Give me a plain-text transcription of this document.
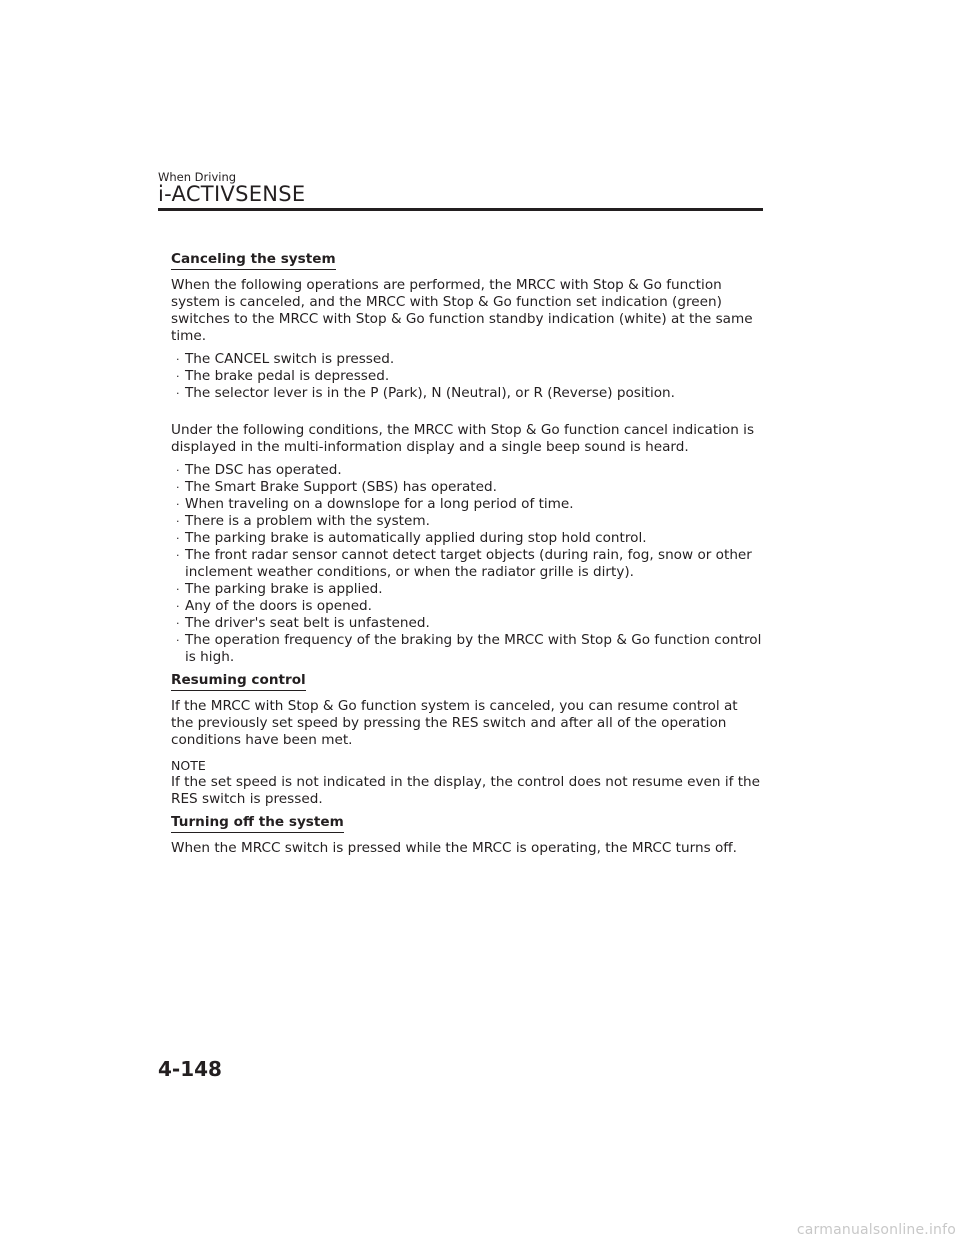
When Driving
i-ACTIVSENSE
Canceling the system

When the following operations are performed, the MRCC with Stop & Go function system is canceled, and the MRCC with Stop & Go function set indication (green) switches to the MRCC with Stop & Go function standby indication (white) at the same time.

· The CANCEL switch is pressed.
· The brake pedal is depressed.
· The selector lever is in the P (Park), N (Neutral), or R (Reverse) position.

Under the following conditions, the MRCC with Stop & Go function cancel indication is displayed in the multi-information display and a single beep sound is heard.

· The DSC has operated.
· The Smart Brake Support (SBS) has operated.
· When traveling on a downslope for a long period of time.
· There is a problem with the system.
· The parking brake is automatically applied during stop hold control.
· The front radar sensor cannot detect target objects (during rain, fog, snow or other inclement weather conditions, or when the radiator grille is dirty).
· The parking brake is applied.
· Any of the doors is opened.
· The driver's seat belt is unfastened.
· The operation frequency of the braking by the MRCC with Stop & Go function control is high.
Resuming control

If the MRCC with Stop & Go function system is canceled, you can resume control at the previously set speed by pressing the RES switch and after all of the operation conditions have been met.

NOTE

If the set speed is not indicated in the display, the control does not resume even if the RES switch is pressed.

Turning off the system

When the MRCC switch is pressed while the MRCC is operating, the MRCC turns off.

4-148
carmanualsonline.info
